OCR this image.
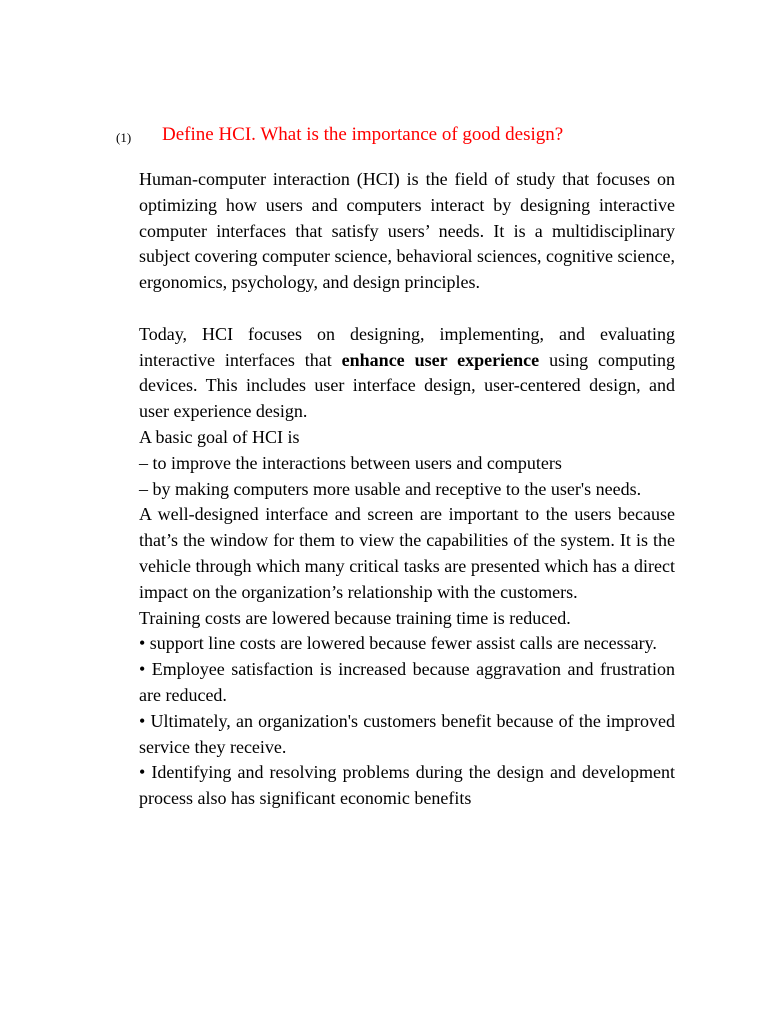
(1) Define HCI. What is the importance of good design?

Human-computer interaction (HCI) is the field of study that focuses on optimizing how users and computers interact by designing interactive computer interfaces that satisfy users’ needs. It is a multidisciplinary subject covering computer science, behavioral sciences, cognitive science, ergonomics, psychology, and design principles.

Today, HCI focuses on designing, implementing, and evaluating interactive interfaces that enhance user experience using computing devices. This includes user interface design, user-centered design, and user experience design.

A basic goal of HCI is

– to improve the interactions between users and computers

– by making computers more usable and receptive to the user's needs.

A well-designed interface and screen are important to the users because that’s the window for them to view the capabilities of the system. It is the vehicle through which many critical tasks are presented which has a direct impact on the organization’s relationship with the customers.

Training costs are lowered because training time is reduced.

• support line costs are lowered because fewer assist calls are necessary.

• Employee satisfaction is increased because aggravation and frustration are reduced.

• Ultimately, an organization's customers benefit because of the improved service they receive.

• Identifying and resolving problems during the design and development process also has significant economic benefits
